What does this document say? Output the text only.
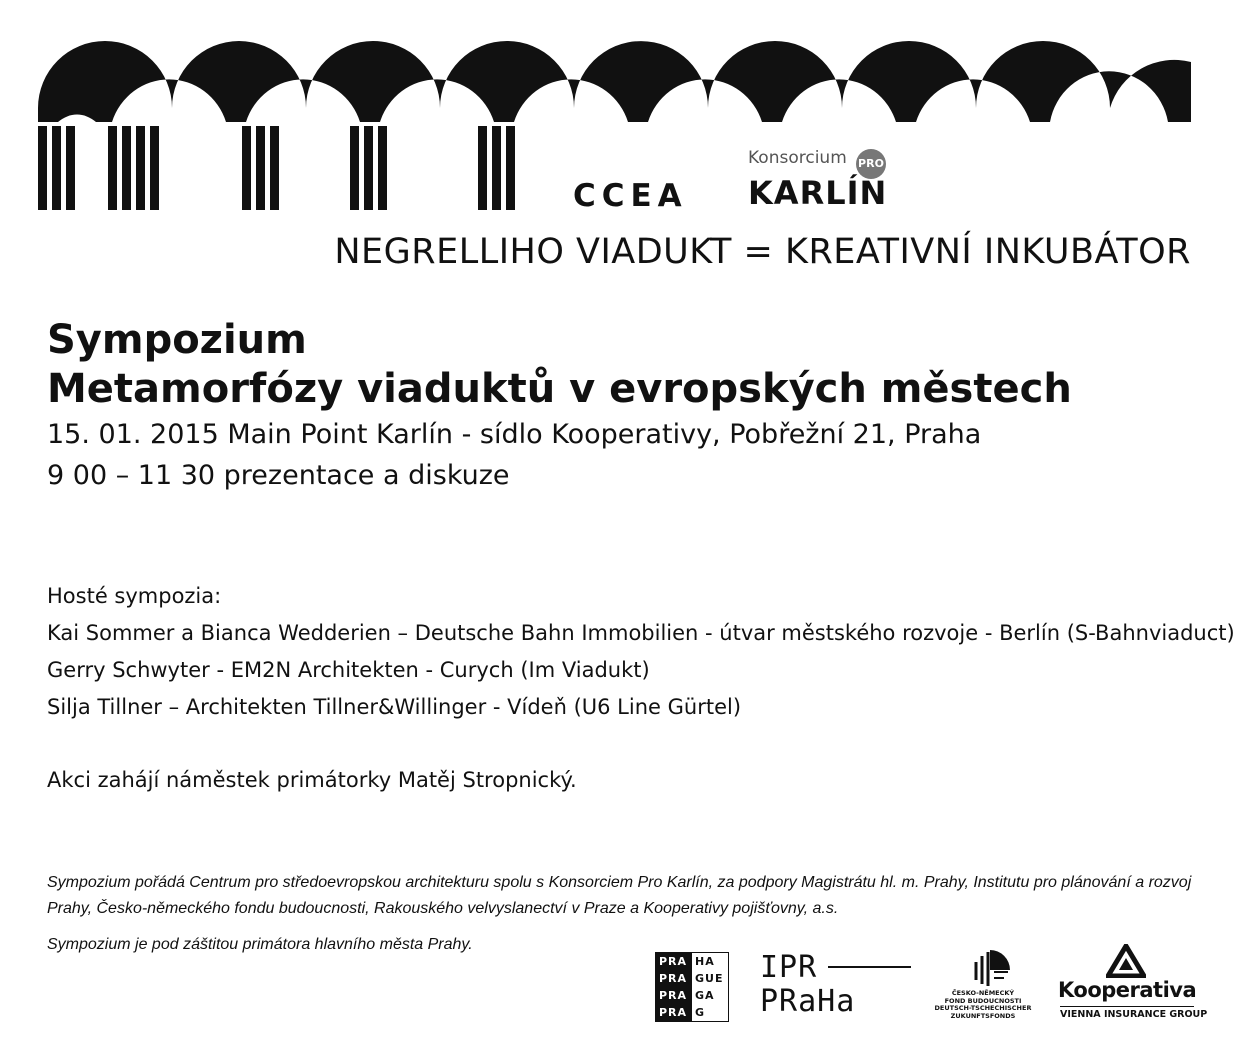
CCEA
Konsorcium PRO
KARLÍN
NEGRELLIHO VIADUKT = KREATIVNÍ INKUBÁTOR
Sympozium
Metamorfózy viaduktů v evropských městech

15. 01. 2015 Main Point Karlín - sídlo Kooperativy, Pobřežní 21, Praha

9 00 – 11 30 prezentace a diskuze

Hosté sympozia:

Kai Sommer a Bianca Wedderien – Deutsche Bahn Immobilien - útvar městského rozvoje - Berlín (S-Bahnviaduct)

Gerry Schwyter - EM2N Architekten - Curych (Im Viadukt)

Silja Tillner – Architekten Tillner&Willinger - Vídeň (U6 Line Gürtel)

Akci zahájí náměstek primátorky Matěj Stropnický.
Sympozium pořádá Centrum pro středoevropskou architekturu spolu s Konsorciem Pro Karlín, za podpory Magistrátu hl. m. Prahy, Institutu pro plánování a rozvoj Prahy, Česko-německého fondu budoucnosti, Rakouského velvyslanectví v Praze a Kooperativy pojišťovny, a.s.
Sympozium je pod záštitou primátora hlavního města Prahy.
PRA HA
PRA GUE
PRA GA
PRA G
IPR
PRaHa	ČESKO-NĚMECKÝ
FOND BUDOUCNOSTI
DEUTSCH-TSCHECHISCHER
ZUKUNFTSFONDS
Kooperativa
VIENNA INSURANCE GROUP
